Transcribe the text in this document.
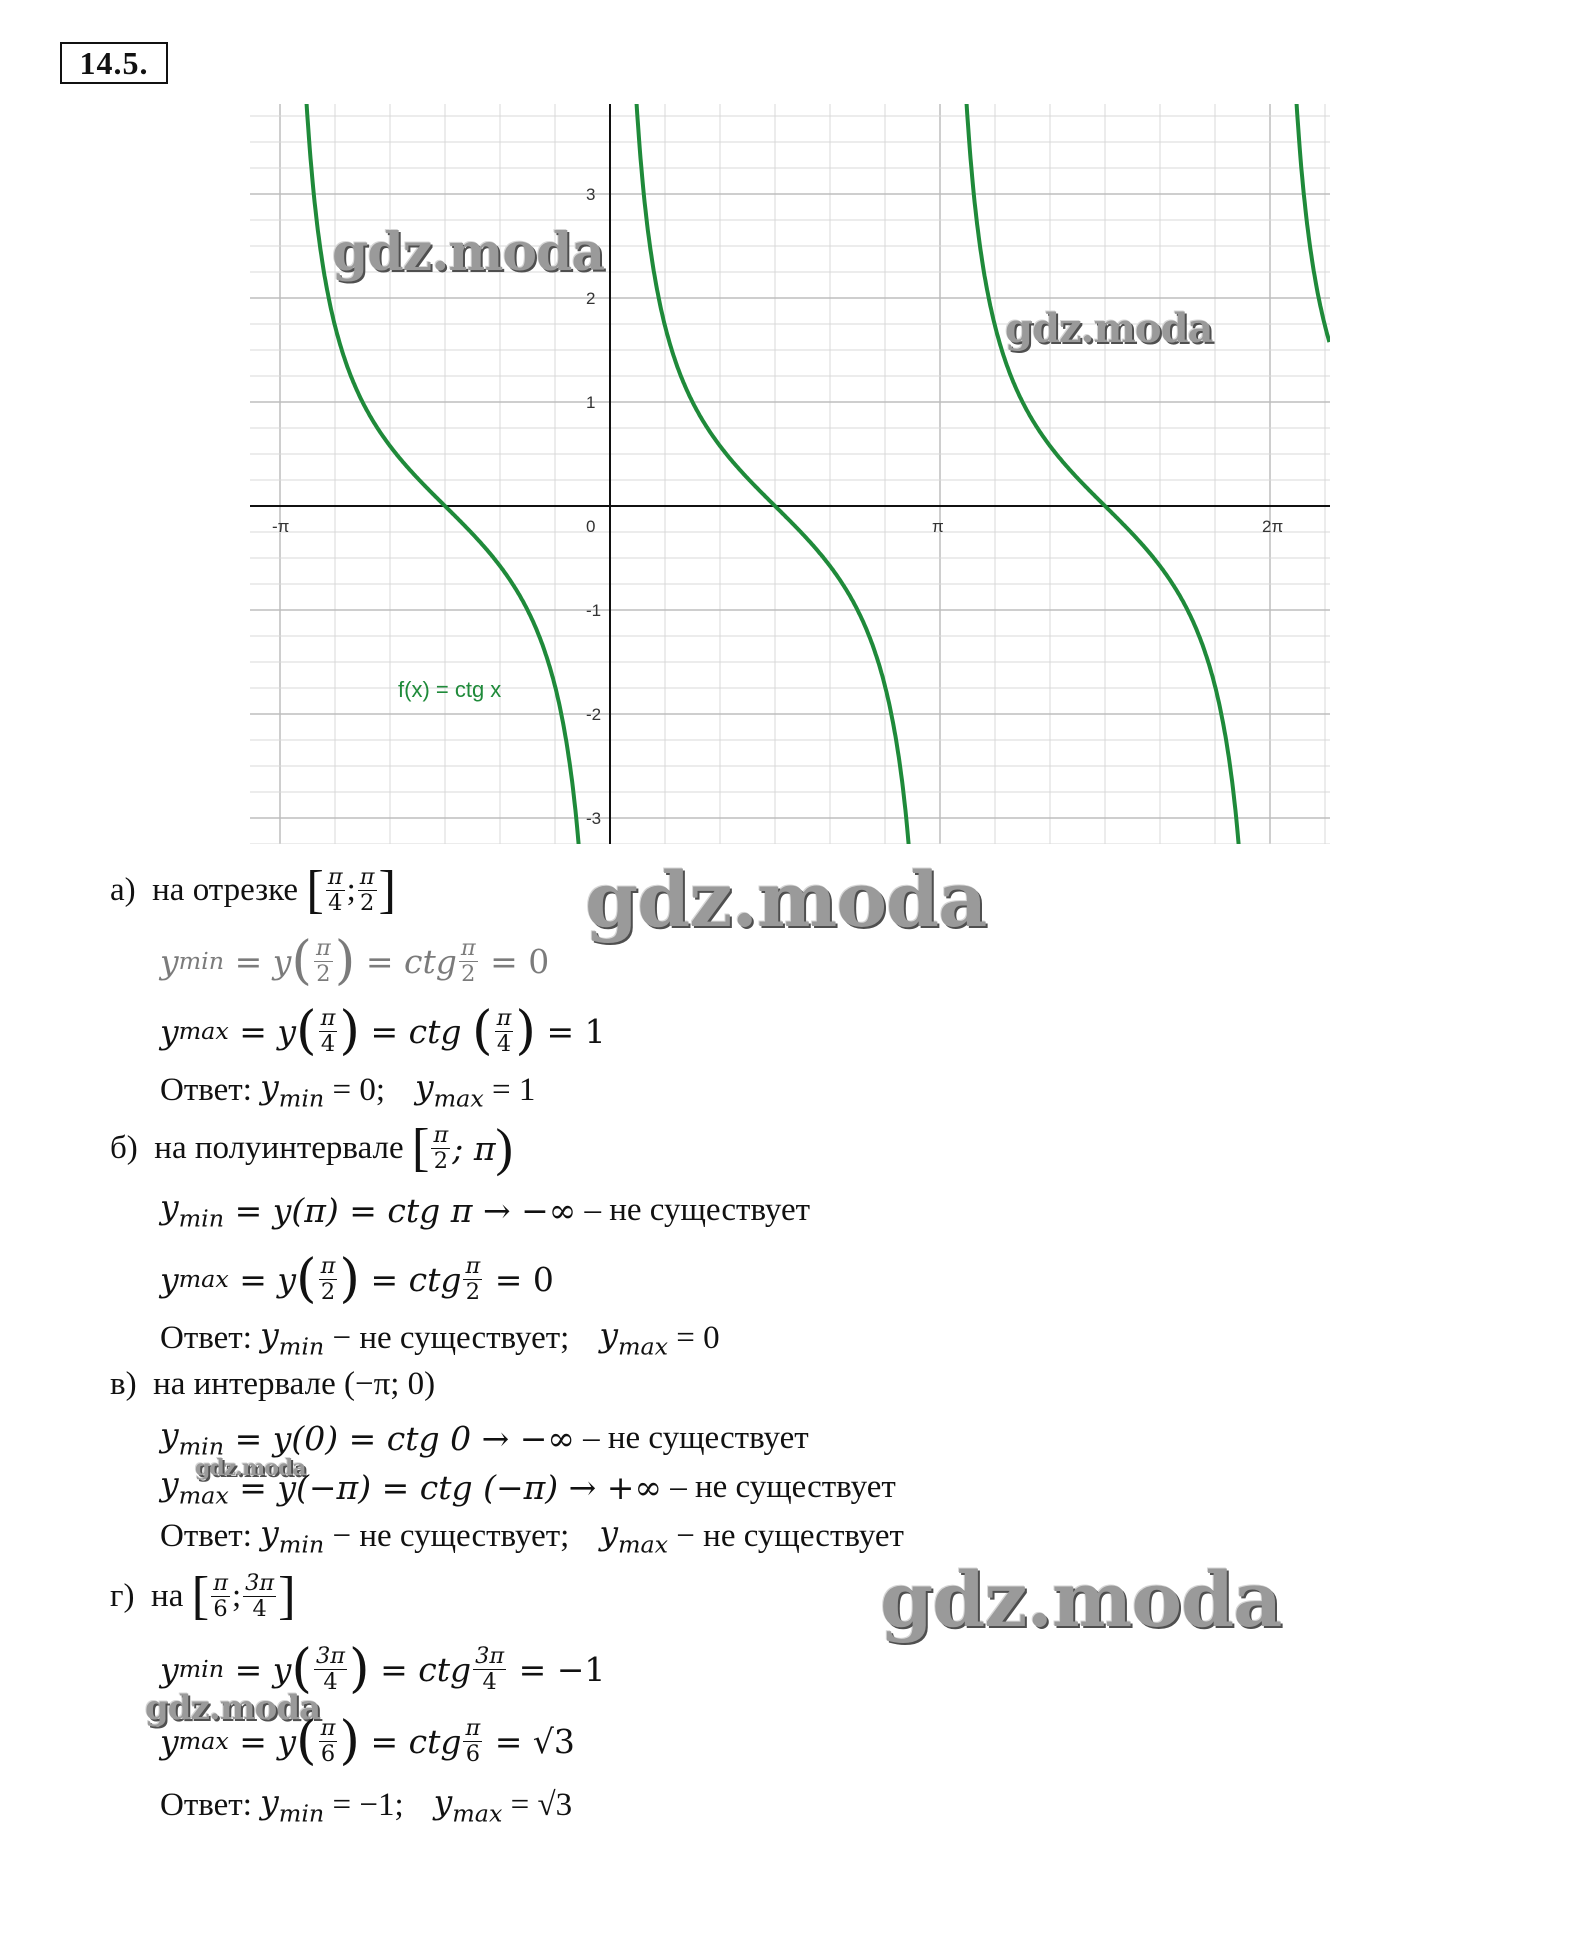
14.5.
3
2
1
-1
-2
-3
-π	0	π	2π
f(x) = ctg x
gdz.moda
gdz.moda
gdz.moda
gdz.moda
gdz.moda
gdz.moda
а)
на отрезке
[ $\frac{\pi}{4}$ ; $\frac{\pi}{2}$ ]
y min = y ( $\frac{\pi}{2}$ )
= ctg $\frac{\pi}{2}$
= 0
y max = y ( $\frac{\pi}{4}$ )
= ctg
( $\frac{\pi}{4}$ )
= 1
Ответ:
$y_{min}$
= 0; $y_{max}$
= 1
б)
на полуинтервале
[ $\frac{\pi}{2}$ ; π )
$y_{min} = y(\pi)$ = ctg π → −∞
– не существует
y max = y ( $\frac{\pi}{2}$ ) = ctg $\frac{\pi}{2}$
= 0
Ответ:
$y_{min}$
− не существует; $y_{max}$
= 0
в)
на интервале (−π; 0)
$y_{min} = y(0)$ = ctg 0 → −∞
– не существует
$y_{max} = y(-\pi)$ = ctg (−π) → +∞
– не существует
Ответ:
$y_{min}$
− не существует; $y_{max}$
− не существует
г)
на
[ $\frac{\pi}{6}$ ; $\frac{3\pi}{4}$ ]
y min = y ( $\frac{3\pi}{4}$ ) = ctg $\frac{3\pi}{4}$
= −1
y max = y ( $\frac{\pi}{6}$ ) = ctg $\frac{\pi}{6}$
= √3
Ответ:
$y_{min}$
= −1; $y_{max}$
= √3
